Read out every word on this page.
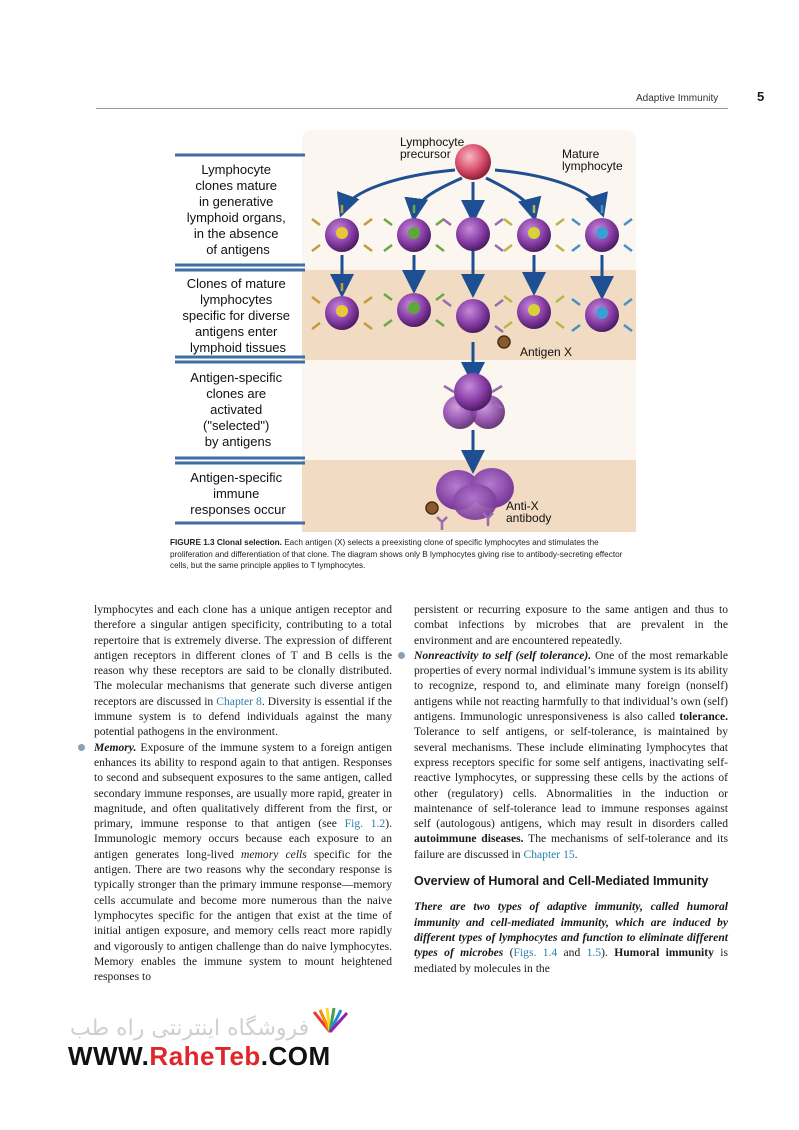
Adaptive Immunity	5
Lymphocyte clones mature in generative lymphoid organs, in the absence of antigens
Clones of mature lymphocytes specific for diverse antigens enter lymphoid tissues
Antigen-specific clones are activated ("selected") by antigens
Antigen-specific immune responses occur
Lymphocyte precursor	Mature lymphocyte
Antigen X
Anti-X antibody
FIGURE 1.3 Clonal selection. Each antigen (X) selects a preexisting clone of specific lymphocytes and stimulates the proliferation and differentiation of that clone. The diagram shows only B lymphocytes giving rise to antibody-secreting effector cells, but the same principle applies to T lymphocytes.

lymphocytes and each clone has a unique antigen receptor and therefore a singular antigen specificity, contributing to a total repertoire that is extremely diverse. The expression of different antigen receptors in different clones of T and B cells is the reason why these receptors are said to be clonally distributed. The molecular mechanisms that generate such diverse antigen receptors are discussed in Chapter 8. Diversity is essential if the immune system is to defend individuals against the many potential pathogens in the environment.

Memory. Exposure of the immune system to a foreign antigen enhances its ability to respond again to that antigen. Responses to second and subsequent exposures to the same antigen, called secondary immune responses, are usually more rapid, greater in magnitude, and often qualitatively different from the first, or primary, immune response to that antigen (see Fig. 1.2). Immunologic memory occurs because each exposure to an antigen generates long-lived memory cells specific for the antigen. There are two reasons why the secondary response is typically stronger than the primary immune response—memory cells accumulate and become more numerous than the naive lymphocytes specific for the antigen that exist at the time of initial antigen exposure, and memory cells react more rapidly and vigorously to antigen challenge than do naive lymphocytes. Memory enables the immune system to mount heightened responses to

persistent or recurring exposure to the same antigen and thus to combat infections by microbes that are prevalent in the environment and are encountered repeatedly.

Nonreactivity to self (self tolerance). One of the most remarkable properties of every normal individual’s immune system is its ability to recognize, respond to, and eliminate many foreign (nonself) antigens while not reacting harmfully to that individual’s own (self) antigens. Immunologic unresponsiveness is also called tolerance. Tolerance to self antigens, or self-tolerance, is maintained by several mechanisms. These include eliminating lymphocytes that express receptors specific for some self antigens, inactivating self-reactive lymphocytes, or suppressing these cells by the actions of other (regulatory) cells. Abnormalities in the induction or maintenance of self-tolerance lead to immune responses against self (autologous) antigens, which may result in disorders called autoimmune diseases. The mechanisms of self-tolerance and its failure are discussed in Chapter 15.

Overview of Humoral and Cell-Mediated Immunity

There are two types of adaptive immunity, called humoral immunity and cell-mediated immunity, which are induced by different types of lymphocytes and function to eliminate different types of microbes (Figs. 1.4 and 1.5). Humoral immunity is mediated by molecules in the

فروشگاه اینترنتی راه طب
WWW.RaheTeb.COM
